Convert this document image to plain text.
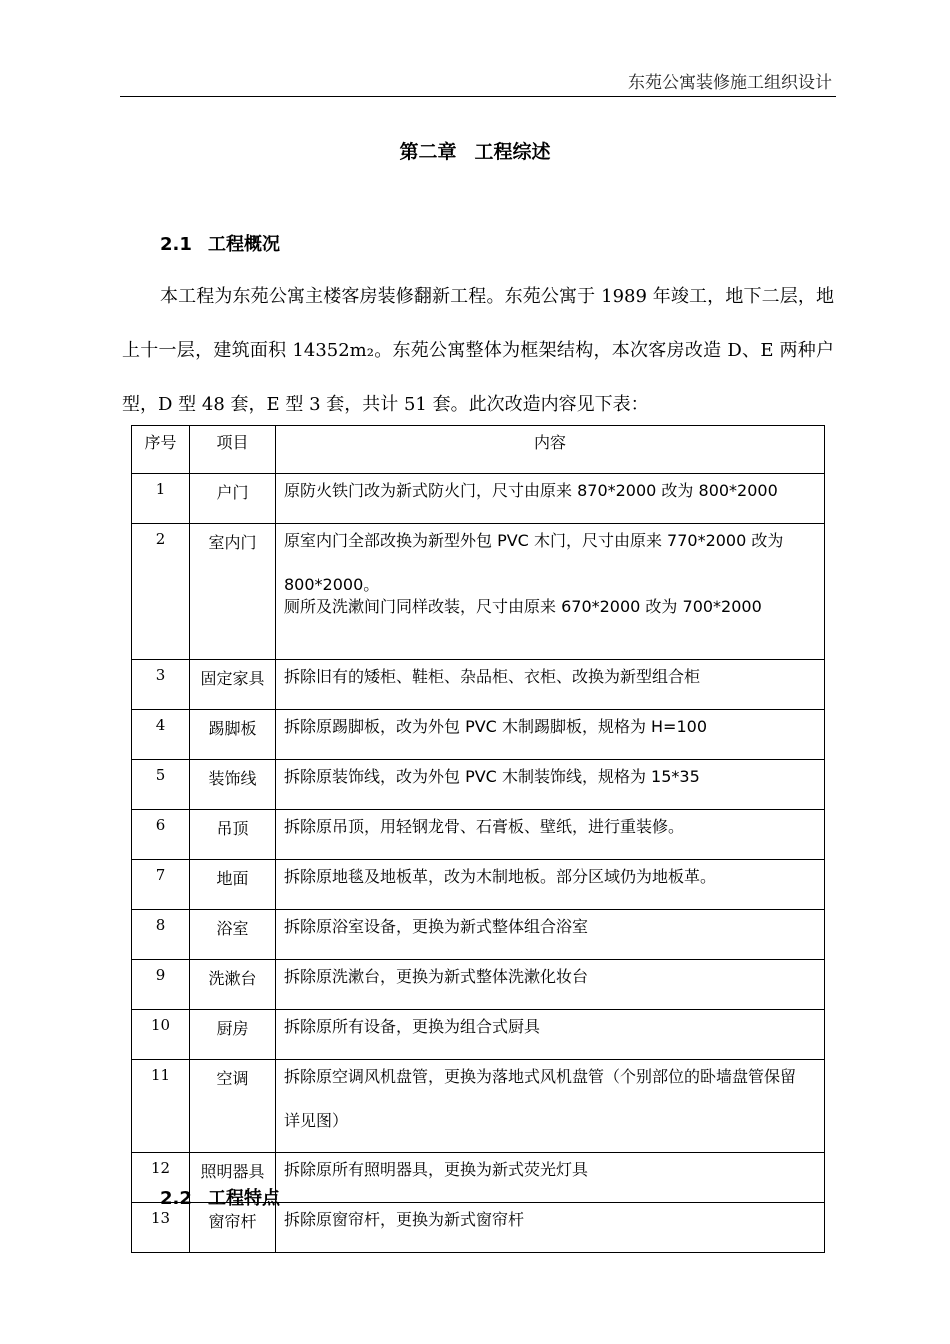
东苑公寓装修施工组织设计
第二章 工程综述
2.1 工程概况
本工程为东苑公寓主楼客房装修翻新工程。东苑公寓于 1989 年竣工，地下二层，地上十一层，建筑面积 14352m₂。东苑公寓整体为框架结构，本次客房改造 D、E 两种户型，D 型 48 套，E 型 3 套，共计 51 套。此次改造内容见下表：
序号	项目	内容
1	户门	原防火铁门改为新式防火门，尺寸由原来 870*2000 改为 800*2000

2	室内门	原室内门全部改换为新型外包 PVC 木门，尺寸由原来 770*2000 改为
800*2000。
厕所及洗漱间门同样改装，尺寸由原来 670*2000 改为 700*2000

3	固定家具	拆除旧有的矮柜、鞋柜、杂品柜、衣柜、改换为新型组合柜

4	踢脚板	拆除原踢脚板，改为外包 PVC 木制踢脚板，规格为 H=100

5	装饰线	拆除原装饰线，改为外包 PVC 木制装饰线，规格为 15*35

6	吊顶	拆除原吊顶，用轻钢龙骨、石膏板、壁纸，进行重装修。

7	地面	拆除原地毯及地板革，改为木制地板。部分区域仍为地板革。

8	浴室	拆除原浴室设备，更换为新式整体组合浴室

9	洗漱台	拆除原洗漱台，更换为新式整体洗漱化妆台

10	厨房	拆除原所有设备，更换为组合式厨具

11	空调	拆除原空调风机盘管，更换为落地式风机盘管（个别部位的卧墙盘管保留
详见图）

12	照明器具	拆除原所有照明器具，更换为新式荧光灯具

13	窗帘杆	拆除原窗帘杆，更换为新式窗帘杆
2.2 工程特点
